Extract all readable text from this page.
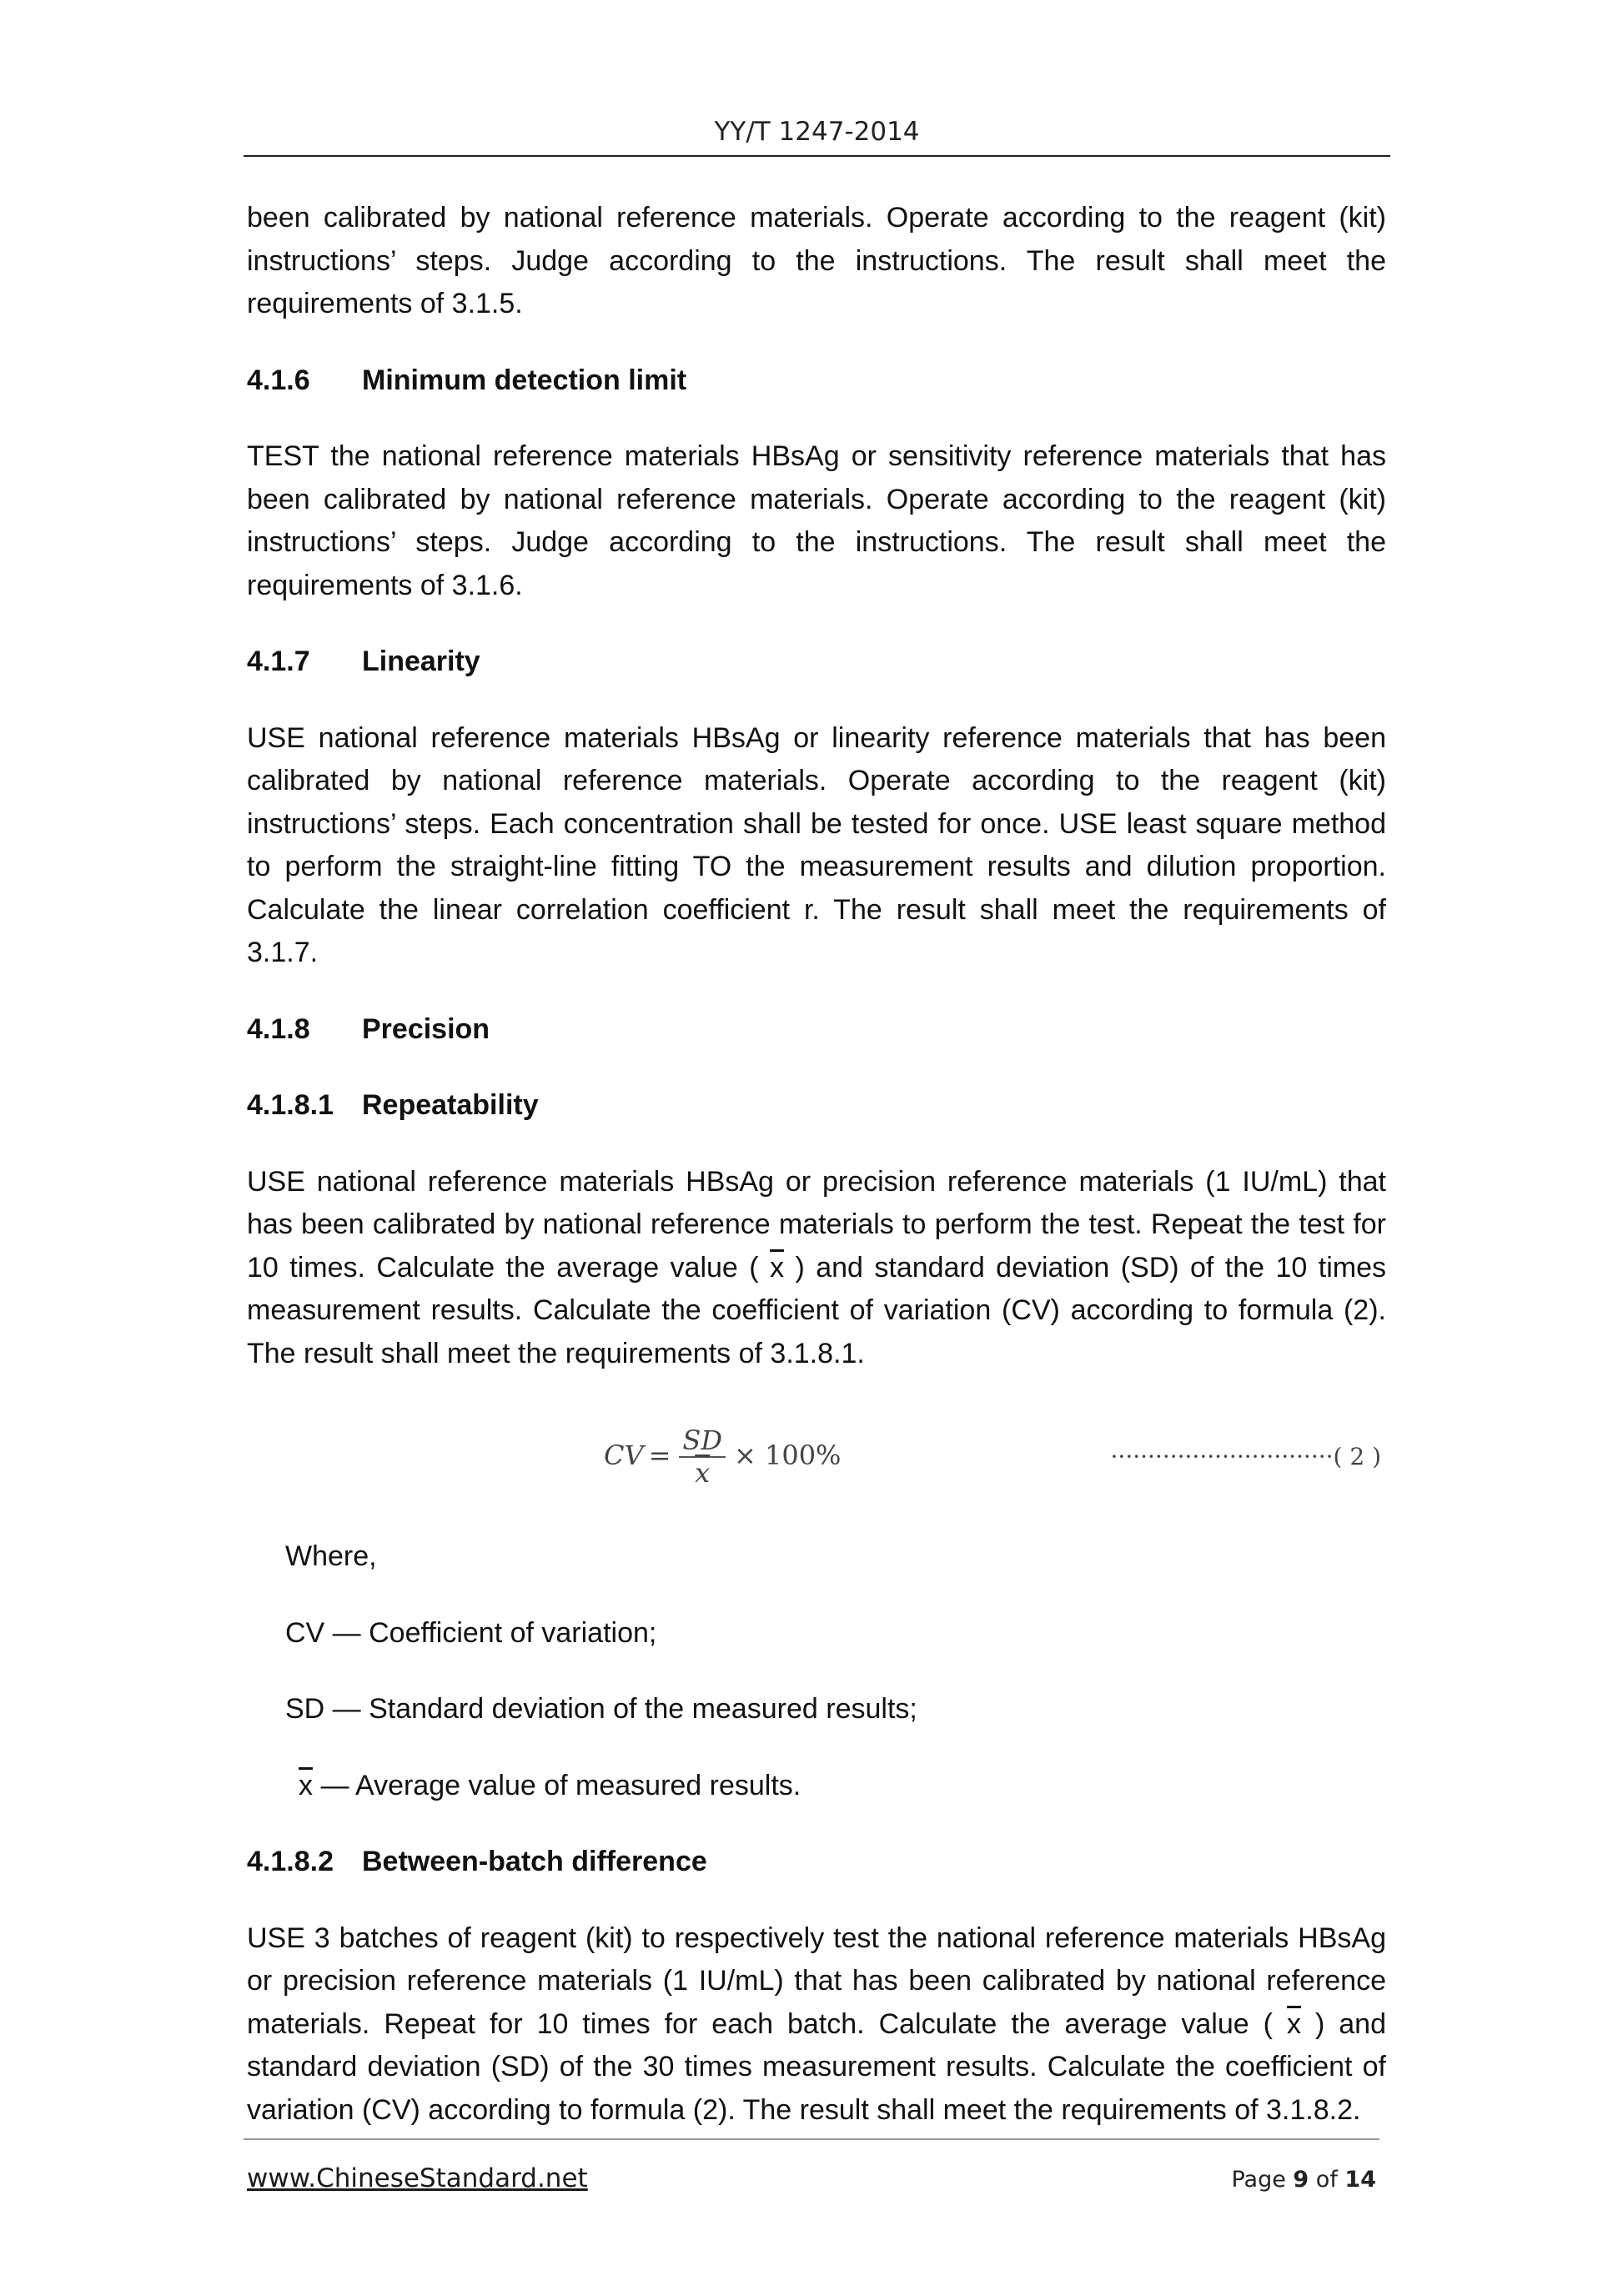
YY/T 1247-2014

been calibrated by national reference materials. Operate according to the reagent (kit) instructions’ steps. Judge according to the instructions. The result shall meet the requirements of 3.1.5.

4.1.6	Minimum detection limit

TEST the national reference materials HBsAg or sensitivity reference materials that has been calibrated by national reference materials. Operate according to the reagent (kit) instructions’ steps. Judge according to the instructions. The result shall meet the requirements of 3.1.6.

4.1.7	Linearity

USE national reference materials HBsAg or linearity reference materials that has been calibrated by national reference materials. Operate according to the reagent (kit) instructions’ steps. Each concentration shall be tested for once. USE least square method to perform the straight-line fitting TO the measurement results and dilution proportion. Calculate the linear correlation coefficient r. The result shall meet the requirements of 3.1.7.

4.1.8	Precision
4.1.8.1	Repeatability

USE national reference materials HBsAg or precision reference materials (1 IU/mL) that has been calibrated by national reference materials to perform the test. Repeat the test for 10 times. Calculate the average value ( $\overline{x}$ ) and standard deviation (SD) of the 10 times measurement results. Calculate the coefficient of variation (CV) according to formula (2). The result shall meet the requirements of 3.1.8.1.

CV = $\frac{SD}{x} \times 100\%$	······························( 2 )

Where,

CV — Coefficient of variation;

SD — Standard deviation of the measured results;

$\overline{x}$ — Average value of measured results.

4.1.8.2	Between-batch difference

USE 3 batches of reagent (kit) to respectively test the national reference materials HBsAg or precision reference materials (1 IU/mL) that has been calibrated by national reference materials. Repeat for 10 times for each batch. Calculate the average value ( $\overline{x}$ ) and standard deviation (SD) of the 30 times measurement results. Calculate the coefficient of variation (CV) according to formula (2). The result shall meet the requirements of 3.1.8.2.

www.ChineseStandard.net	Page 9 of 14
